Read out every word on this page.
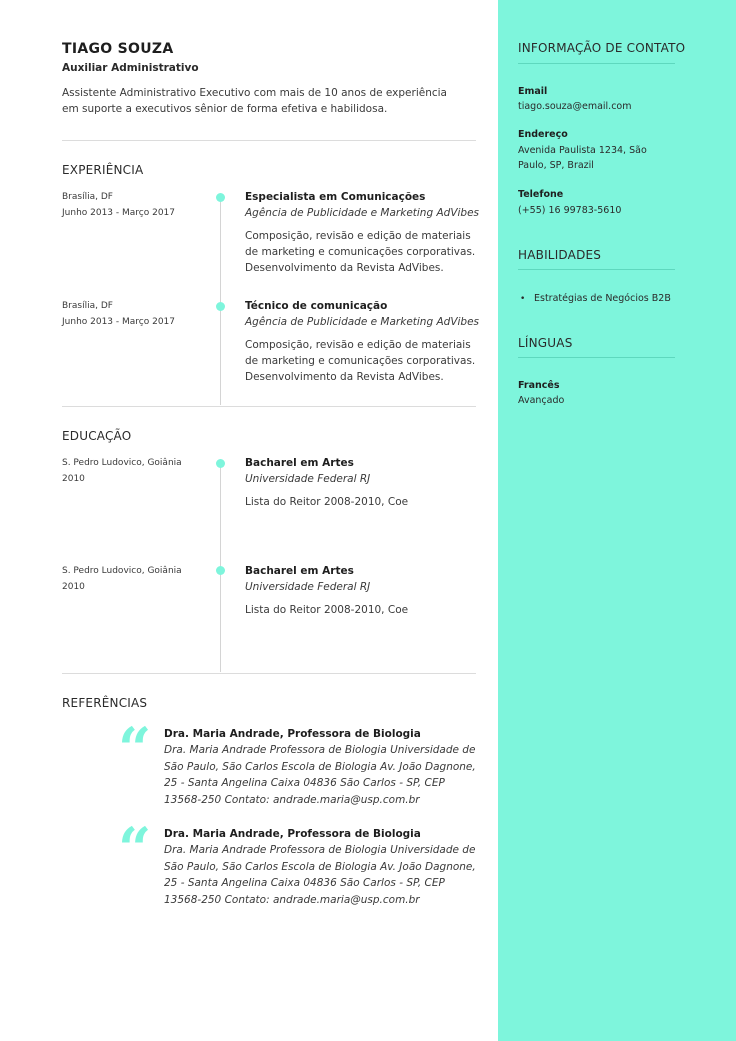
TIAGO SOUZA
Auxiliar Administrativo
Assistente Administrativo Executivo com mais de 10 anos de experiência em suporte a executivos sênior de forma efetiva e habilidosa.
EXPERIÊNCIA
Brasília, DF
Junho 2013 - Março 2017
Especialista em Comunicações
Agência de Publicidade e Marketing AdVibes
Composição, revisão e edição de materiais de marketing e comunicações corporativas. Desenvolvimento da Revista AdVibes.
Brasília, DF
Junho 2013 - Março 2017
Técnico de comunicação
Agência de Publicidade e Marketing AdVibes
Composição, revisão e edição de materiais de marketing e comunicações corporativas. Desenvolvimento da Revista AdVibes.
EDUCAÇÃO
S. Pedro Ludovico, Goiânia
2010
Bacharel em Artes
Universidade Federal RJ
Lista do Reitor 2008-2010, Coe
S. Pedro Ludovico, Goiânia
2010
Bacharel em Artes
Universidade Federal RJ
Lista do Reitor 2008-2010, Coe
REFERÊNCIAS
“ Dra. Maria Andrade, Professora de Biologia
Dra. Maria Andrade Professora de Biologia Universidade de São Paulo, São Carlos Escola de Biologia Av. João Dagnone, 25 - Santa Angelina Caixa 04836 São Carlos - SP, CEP 13568-250 Contato: andrade.maria@usp.com.br
“ Dra. Maria Andrade, Professora de Biologia
Dra. Maria Andrade Professora de Biologia Universidade de São Paulo, São Carlos Escola de Biologia Av. João Dagnone, 25 - Santa Angelina Caixa 04836 São Carlos - SP, CEP 13568-250 Contato: andrade.maria@usp.com.br
INFORMAÇÃO DE CONTATO
Email
tiago.souza@email.com
Endereço
Avenida Paulista 1234, São Paulo, SP, Brazil
Telefone
(+55) 16 99783-5610
HABILIDADES
• Estratégias de Negócios B2B
LÍNGUAS
Francês
Avançado
